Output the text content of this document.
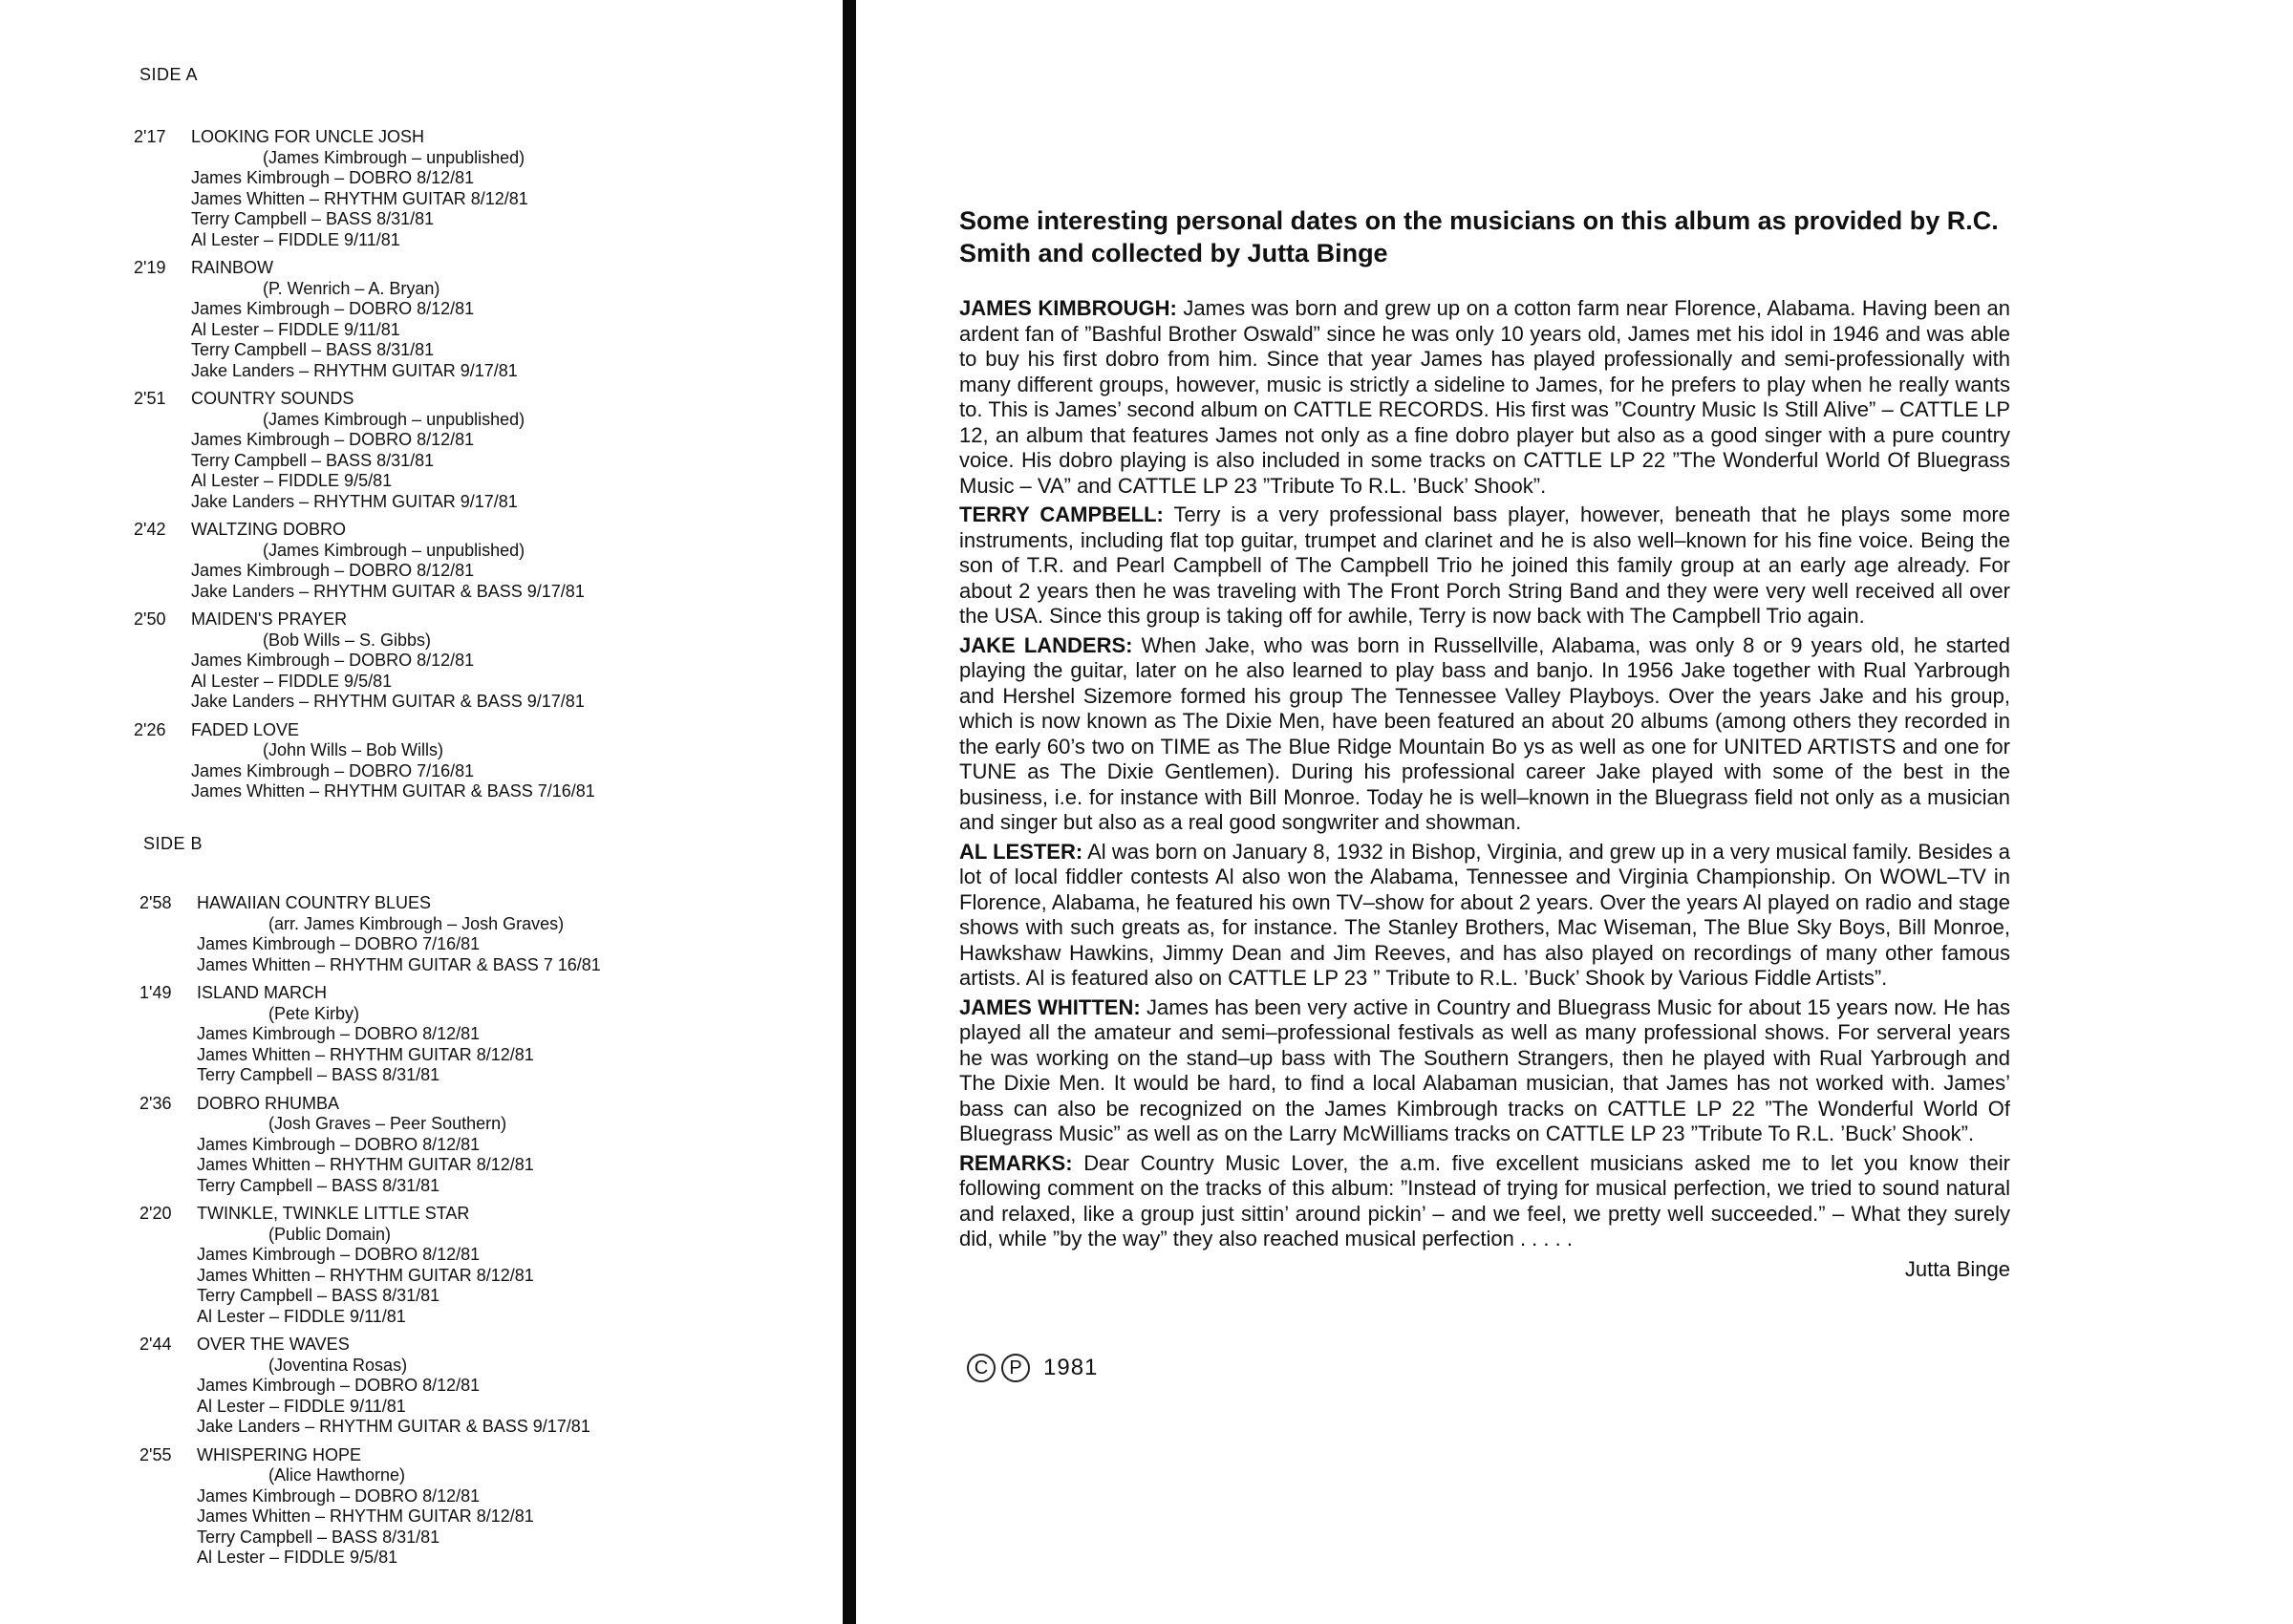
SIDE A
2'17	LOOKING FOR UNCLE JOSH
(James Kimbrough – unpublished)
James Kimbrough – DOBRO 8/12/81
James Whitten – RHYTHM GUITAR 8/12/81
Terry Campbell – BASS 8/31/81
Al Lester – FIDDLE 9/11/81
2'19	RAINBOW
(P. Wenrich – A. Bryan)
James Kimbrough – DOBRO 8/12/81
Al Lester – FIDDLE 9/11/81
Terry Campbell – BASS 8/31/81
Jake Landers – RHYTHM GUITAR 9/17/81
2'51	COUNTRY SOUNDS
(James Kimbrough – unpublished)
James Kimbrough – DOBRO 8/12/81
Terry Campbell – BASS 8/31/81
Al Lester – FIDDLE 9/5/81
Jake Landers – RHYTHM GUITAR 9/17/81
2'42	WALTZING DOBRO
(James Kimbrough – unpublished)
James Kimbrough – DOBRO 8/12/81
Jake Landers – RHYTHM GUITAR & BASS 9/17/81
2'50	MAIDEN'S PRAYER
(Bob Wills – S. Gibbs)
James Kimbrough – DOBRO 8/12/81
Al Lester – FIDDLE 9/5/81
Jake Landers – RHYTHM GUITAR & BASS 9/17/81
2'26	FADED LOVE
(John Wills – Bob Wills)
James Kimbrough – DOBRO 7/16/81
James Whitten – RHYTHM GUITAR & BASS 7/16/81
SIDE B
2'58	HAWAIIAN COUNTRY BLUES
(arr. James Kimbrough – Josh Graves)
James Kimbrough – DOBRO 7/16/81
James Whitten – RHYTHM GUITAR & BASS 7 16/81
1'49	ISLAND MARCH
(Pete Kirby)
James Kimbrough – DOBRO 8/12/81
James Whitten – RHYTHM GUITAR 8/12/81
Terry Campbell – BASS 8/31/81
2'36	DOBRO RHUMBA
(Josh Graves – Peer Southern)
James Kimbrough – DOBRO 8/12/81
James Whitten – RHYTHM GUITAR 8/12/81
Terry Campbell – BASS 8/31/81
2'20	TWINKLE, TWINKLE LITTLE STAR
(Public Domain)
James Kimbrough – DOBRO 8/12/81
James Whitten – RHYTHM GUITAR 8/12/81
Terry Campbell – BASS 8/31/81
Al Lester – FIDDLE 9/11/81
2'44	OVER THE WAVES
(Joventina Rosas)
James Kimbrough – DOBRO 8/12/81
Al Lester – FIDDLE 9/11/81
Jake Landers – RHYTHM GUITAR & BASS 9/17/81
2'55	WHISPERING HOPE
(Alice Hawthorne)
James Kimbrough – DOBRO 8/12/81
James Whitten – RHYTHM GUITAR 8/12/81
Terry Campbell – BASS 8/31/81
Al Lester – FIDDLE 9/5/81
Some interesting personal dates on the musicians on this album as provided by R.C. Smith and collected by Jutta Binge

JAMES KIMBROUGH: James was born and grew up on a cotton farm near Florence, Alabama. Having been an ardent fan of ”Bashful Brother Oswald” since he was only 10 years old, James met his idol in 1946 and was able to buy his first dobro from him. Since that year James has played professionally and semi-professionally with many different groups, however, music is strictly a sideline to James, for he prefers to play when he really wants to. This is James’ second album on CATTLE RECORDS. His first was ”Country Music Is Still Alive” – CATTLE LP 12, an album that features James not only as a fine dobro player but also as a good singer with a pure country voice. His dobro playing is also included in some tracks on CATTLE LP 22 ”The Wonderful World Of Bluegrass Music – VA” and CATTLE LP 23 ”Tribute To R.L. ’Buck’ Shook”.

TERRY CAMPBELL: Terry is a very professional bass player, however, beneath that he plays some more instruments, including flat top guitar, trumpet and clarinet and he is also well–known for his fine voice. Being the son of T.R. and Pearl Campbell of The Campbell Trio he joined this family group at an early age already. For about 2 years then he was traveling with The Front Porch String Band and they were very well received all over the USA. Since this group is taking off for awhile, Terry is now back with The Campbell Trio again.

JAKE LANDERS: When Jake, who was born in Russellville, Alabama, was only 8 or 9 years old, he started playing the guitar, later on he also learned to play bass and banjo. In 1956 Jake together with Rual Yarbrough and Hershel Sizemore formed his group The Tennessee Valley Playboys. Over the years Jake and his group, which is now known as The Dixie Men, have been featured an about 20 albums (among others they recorded in the early 60’s two on TIME as The Blue Ridge Mountain Bo ys as well as one for UNITED ARTISTS and one for TUNE as The Dixie Gentlemen). During his professional career Jake played with some of the best in the business, i.e. for instance with Bill Monroe. Today he is well–known in the Bluegrass field not only as a musician and singer but also as a real good songwriter and showman.

AL LESTER: Al was born on January 8, 1932 in Bishop, Virginia, and grew up in a very musical family. Besides a lot of local fiddler contests Al also won the Alabama, Tennessee and Virginia Championship. On WOWL–TV in Florence, Alabama, he featured his own TV–show for about 2 years. Over the years Al played on radio and stage shows with such greats as, for instance. The Stanley Brothers, Mac Wiseman, The Blue Sky Boys, Bill Monroe, Hawkshaw Hawkins, Jimmy Dean and Jim Reeves, and has also played on recordings of many other famous artists. Al is featured also on CATTLE LP 23 ” Tribute to R.L. ’Buck’ Shook by Various Fiddle Artists”.

JAMES WHITTEN: James has been very active in Country and Bluegrass Music for about 15 years now. He has played all the amateur and semi–professional festivals as well as many professional shows. For serveral years he was working on the stand–up bass with The Southern Strangers, then he played with Rual Yarbrough and The Dixie Men. It would be hard, to find a local Alabaman musician, that James has not worked with. James’ bass can also be recognized on the James Kimbrough tracks on CATTLE LP 22 ”The Wonderful World Of Bluegrass Music” as well as on the Larry McWilliams tracks on CATTLE LP 23 ”Tribute To R.L. ’Buck’ Shook”.

REMARKS: Dear Country Music Lover, the a.m. five excellent musicians asked me to let you know their following comment on the tracks of this album: ”Instead of trying for musical perfection, we tried to sound natural and relaxed, like a group just sittin’ around pickin’ – and we feel, we pretty well succeeded.” – What they surely did, while ”by the way” they also reached musical perfection . . . . .

Jutta Binge
C	P 1981
